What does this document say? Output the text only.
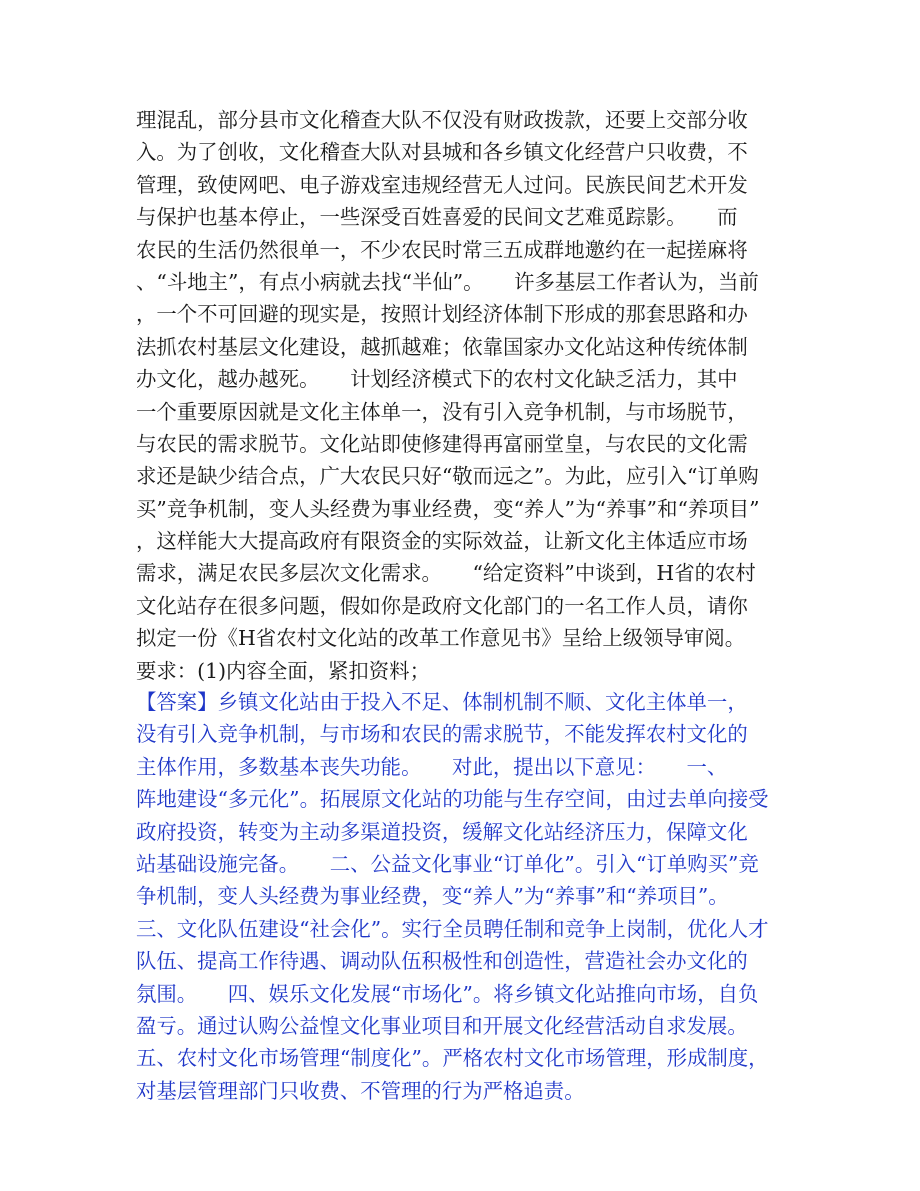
理混乱，部分县市文化稽查大队不仅没有财政拨款，还要上交部分收
入。为了创收，文化稽查大队对县城和各乡镇文化经营户只收费，不
管理，致使网吧、电子游戏室违规经营无人过问。民族民间艺术开发
与保护也基本停止，一些深受百姓喜爱的民间文艺难觅踪影。　　而
农民的生活仍然很单一，不少农民时常三五成群地邀约在一起搓麻将
、“斗地主”，有点小病就去找“半仙”。　　许多基层工作者认为，当前
，一个不可回避的现实是，按照计划经济体制下形成的那套思路和办
法抓农村基层文化建设，越抓越难；依靠国家办文化站这种传统体制
办文化，越办越死。　　计划经济模式下的农村文化缺乏活力，其中
一个重要原因就是文化主体单一，没有引入竞争机制，与市场脱节，
与农民的需求脱节。文化站即使修建得再富丽堂皇，与农民的文化需
求还是缺少结合点，广大农民只好“敬而远之”。为此，应引入“订单购
买”竞争机制，变人头经费为事业经费，变“养人”为“养事”和“养项目”
，这样能大大提高政府有限资金的实际效益，让新文化主体适应市场
需求，满足农民多层次文化需求。　　“给定资料”中谈到，H省的农村
文化站存在很多问题，假如你是政府文化部门的一名工作人员，请你
拟定一份《H省农村文化站的改革工作意见书》呈给上级领导审阅。
要求：(1)内容全面，紧扣资料；
【答案】乡镇文化站由于投入不足、体制机制不顺、文化主体单一，
没有引入竞争机制，与市场和农民的需求脱节，不能发挥农村文化的
主体作用，多数基本丧失功能。　　对此，提出以下意见：　　一、
阵地建设“多元化”。拓展原文化站的功能与生存空间，由过去单向接受
政府投资，转变为主动多渠道投资，缓解文化站经济压力，保障文化
站基础设施完备。　　二、公益文化事业“订单化”。引入“订单购买”竞
争机制，变人头经费为事业经费，变“养人”为“养事”和“养项目”。
三、文化队伍建设“社会化”。实行全员聘任制和竞争上岗制，优化人才
队伍、提高工作待遇、调动队伍积极性和创造性，营造社会办文化的
氛围。　　四、娱乐文化发展“市场化”。将乡镇文化站推向市场，自负
盈亏。通过认购公益惶文化事业项目和开展文化经营活动自求发展。
五、农村文化市场管理“制度化”。严格农村文化市场管理，形成制度，
对基层管理部门只收费、不管理的行为严格追责。
